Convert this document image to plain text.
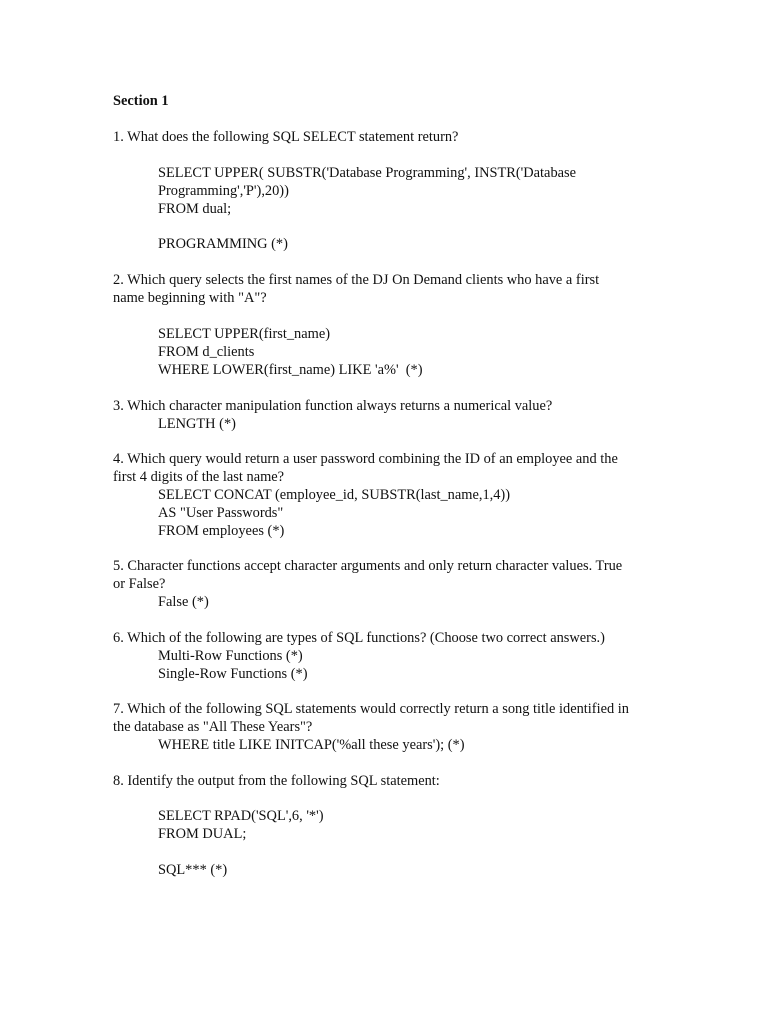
Section 1
1. What does the following SQL SELECT statement return?
SELECT UPPER( SUBSTR('Database Programming', INSTR('Database
Programming','P'),20))
FROM dual;
PROGRAMMING (*)
2. Which query selects the first names of the DJ On Demand clients who have a first
name beginning with "A"?
SELECT UPPER(first_name)
FROM d_clients
WHERE LOWER(first_name) LIKE 'a%'  (*)
3. Which character manipulation function always returns a numerical value?
LENGTH (*)
4. Which query would return a user password combining the ID of an employee and the
first 4 digits of the last name?
SELECT CONCAT (employee_id, SUBSTR(last_name,1,4))
AS "User Passwords"
FROM employees (*)
5. Character functions accept character arguments and only return character values. True
or False?
False (*)
6. Which of the following are types of SQL functions? (Choose two correct answers.)
Multi-Row Functions (*)
Single-Row Functions (*)
7. Which of the following SQL statements would correctly return a song title identified in
the database as "All These Years"?
WHERE title LIKE INITCAP('%all these years'); (*)
8. Identify the output from the following SQL statement:
SELECT RPAD('SQL',6, '*')
FROM DUAL;
SQL*** (*)
